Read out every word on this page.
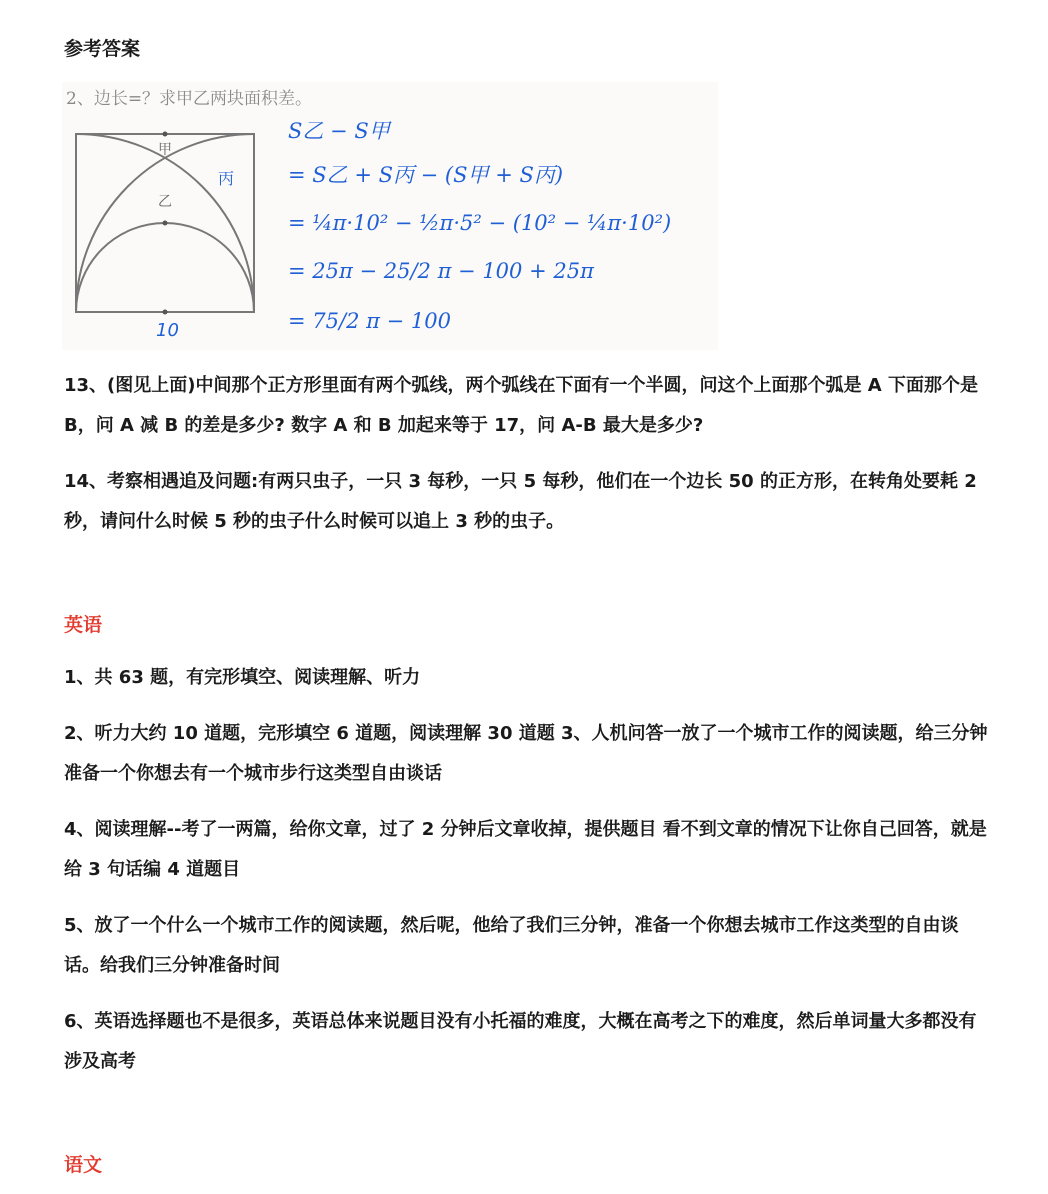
参考答案
2、边长=？求甲乙两块面积差。
甲
乙
丙
10
S乙 − S甲
= S乙 + S丙 − (S甲 + S丙)
= ¼π·10² − ½π·5² − (10² − ¼π·10²)
= 25π − 25/2 π − 100 + 25π
= 75/2 π − 100

13、(图见上面)中间那个正方形里面有两个弧线，两个弧线在下面有一个半圆，问这个上面那个弧是 A 下面那个是 B，问 A 减 B 的差是多少? 数字 A 和 B 加起来等于 17，问 A-B 最大是多少?

14、考察相遇追及问题:有两只虫子，一只 3 每秒，一只 5 每秒，他们在一个边长 50 的正方形，在转角处要耗 2 秒，请问什么时候 5 秒的虫子什么时候可以追上 3 秒的虫子。

英语

1、共 63 题，有完形填空、阅读理解、听力

2、听力大约 10 道题，完形填空 6 道题，阅读理解 30 道题 3、人机问答一放了一个城市工作的阅读题，给三分钟准备一个你想去有一个城市步行这类型自由谈话

4、阅读理解--考了一两篇，给你文章，过了 2 分钟后文章收掉，提供题目 看不到文章的情况下让你自己回答，就是给 3 句话编 4 道题目

5、放了一个什么一个城市工作的阅读题，然后呢，他给了我们三分钟，准备一个你想去城市工作这类型的自由谈话。给我们三分钟准备时间

6、英语选择题也不是很多，英语总体来说题目没有小托福的难度，大概在高考之下的难度，然后单词量大多都没有涉及高考

语文
